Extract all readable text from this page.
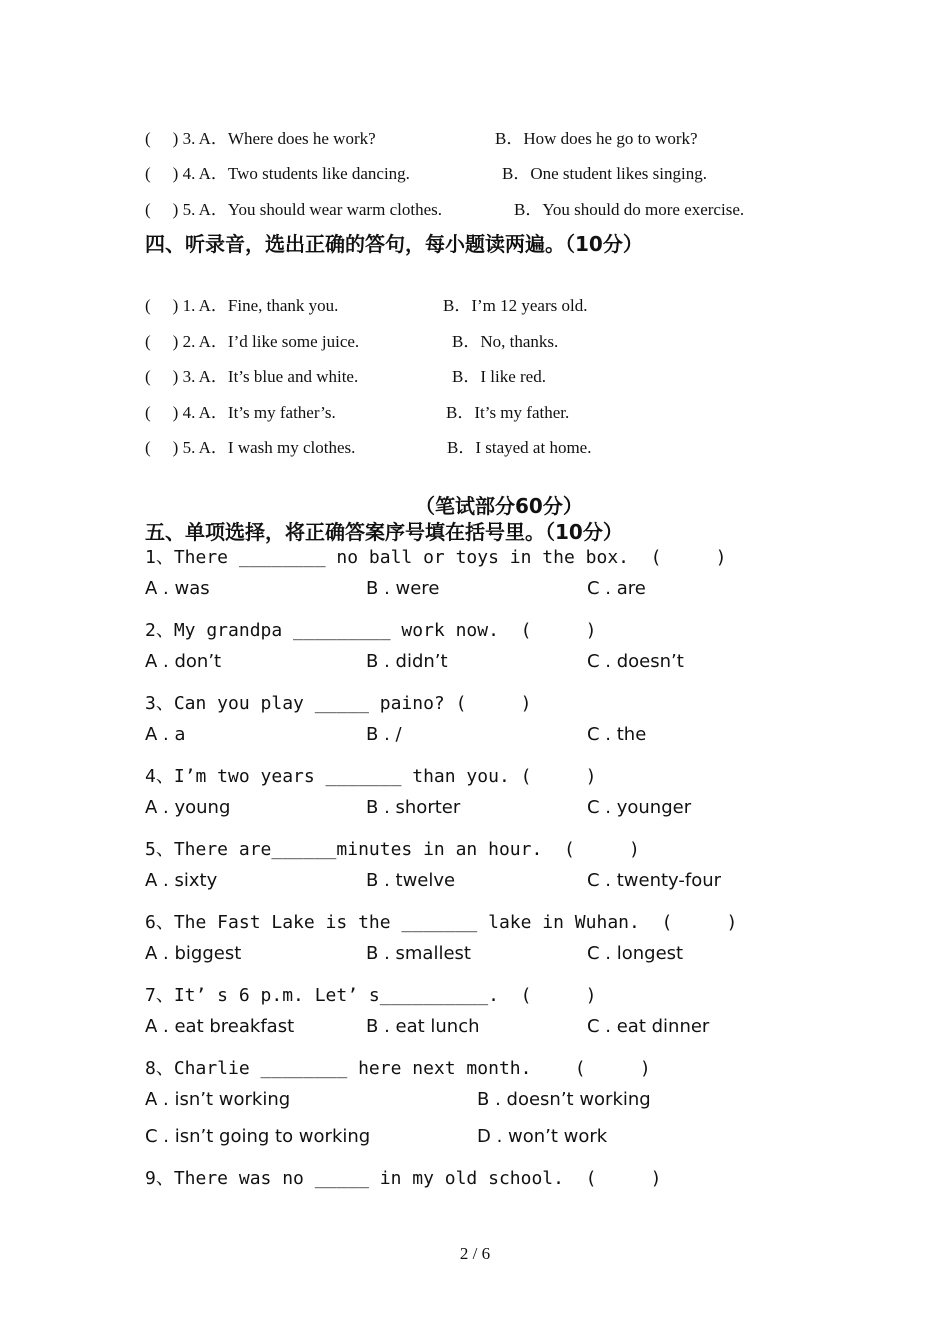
( ) 3. A．Where does he work?	B．How does he go to work?
( ) 4. A．Two students like dancing.	B．One student likes singing.
( ) 5. A．You should wear warm clothes.	B．You should do more exercise.
四、听录音，选出正确的答句，每小题读两遍。（10分）
( ) 1. A．Fine, thank you.	B．I’m 12 years old.
( ) 2. A．I’d like some juice.	B．No, thanks.
( ) 3. A．It’s blue and white.	B．I like red.
( ) 4. A．It’s my father’s.	B．It’s my father.
( ) 5. A．I wash my clothes.	B．I stayed at home.
（笔试部分60分）
五、单项选择，将正确答案序号填在括号里。（10分）
1、There ________ no ball or toys in the box.  (     )
A . was	B . were	C . are
2、My grandpa _________ work now.  (     )
A . don’t	B . didn’t	C . doesn’t
3、Can you play _____ paino? (     )
A . a	B . /	C . the
4、I’m two years _______ than you. (     )
A . young	B . shorter	C . younger
5、There are______minutes in an hour.  (     )
A . sixty	B . twelve	C . twenty-four
6、The Fast Lake is the _______ lake in Wuhan.  (     )
A . biggest	B . smallest	C . longest
7、It’ s 6 p.m. Let’ s__________.  (     )
A . eat breakfast	B . eat lunch	C . eat dinner
8、Charlie ________ here next month.    (     )
A . isn’t working	B . doesn’t working
C . isn’t going to working	D . won’t work
9、There was no _____ in my old school.  (     )
2 / 6
